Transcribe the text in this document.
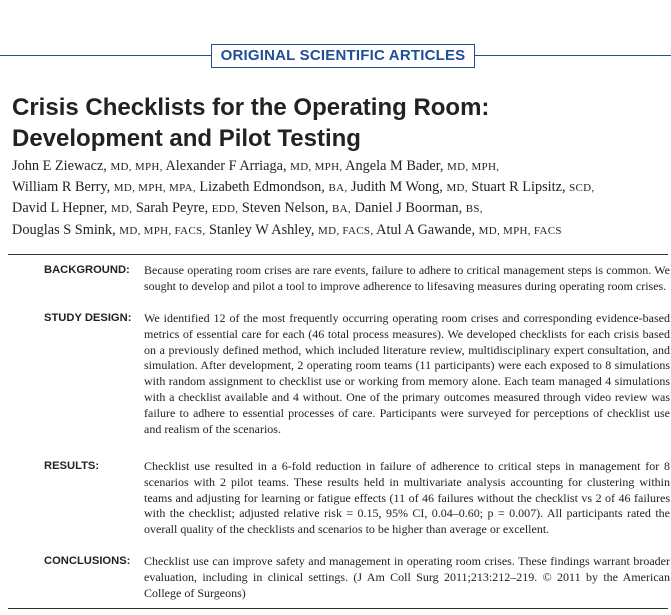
ORIGINAL SCIENTIFIC ARTICLES
Crisis Checklists for the Operating Room:
Development and Pilot Testing
John E Ziewacz, MD, MPH, Alexander F Arriaga, MD, MPH, Angela M Bader, MD, MPH,
William R Berry, MD, MPH, MPA, Lizabeth Edmondson, BA, Judith M Wong, MD, Stuart R Lipsitz, SCD,
David L Hepner, MD, Sarah Peyre, EDD, Steven Nelson, BA, Daniel J Boorman, BS,
Douglas S Smink, MD, MPH, FACS, Stanley W Ashley, MD, FACS, Atul A Gawande, MD, MPH, FACS
BACKGROUND: Because operating room crises are rare events, failure to adhere to critical management steps is common. We sought to develop and pilot a tool to improve adherence to lifesaving measures during operating room crises.
STUDY DESIGN: We identified 12 of the most frequently occurring operating room crises and corresponding evidence-based metrics of essential care for each (46 total process measures). We developed checklists for each crisis based on a previously defined method, which included literature review, multidisciplinary expert consultation, and simulation. After development, 2 operating room teams (11 participants) were each exposed to 8 simulations with random assignment to checklist use or working from memory alone. Each team managed 4 simulations with a checklist available and 4 without. One of the primary outcomes measured through video review was failure to adhere to essential processes of care. Participants were surveyed for perceptions of checklist use and realism of the scenarios.
RESULTS:	Checklist use resulted in a 6-fold reduction in failure of adherence to critical steps in management for 8 scenarios with 2 pilot teams. These results held in multivariate analysis accounting for clustering within teams and adjusting for learning or fatigue effects (11 of 46 failures without the checklist vs 2 of 46 failures with the checklist; adjusted relative risk = 0.15, 95% CI, 0.04–0.60; p = 0.007). All participants rated the overall quality of the checklists and scenarios to be higher than average or excellent.
CONCLUSIONS: Checklist use can improve safety and management in operating room crises. These findings warrant broader evaluation, including in clinical settings. (J Am Coll Surg 2011;213:212–219. © 2011 by the American College of Surgeons)
